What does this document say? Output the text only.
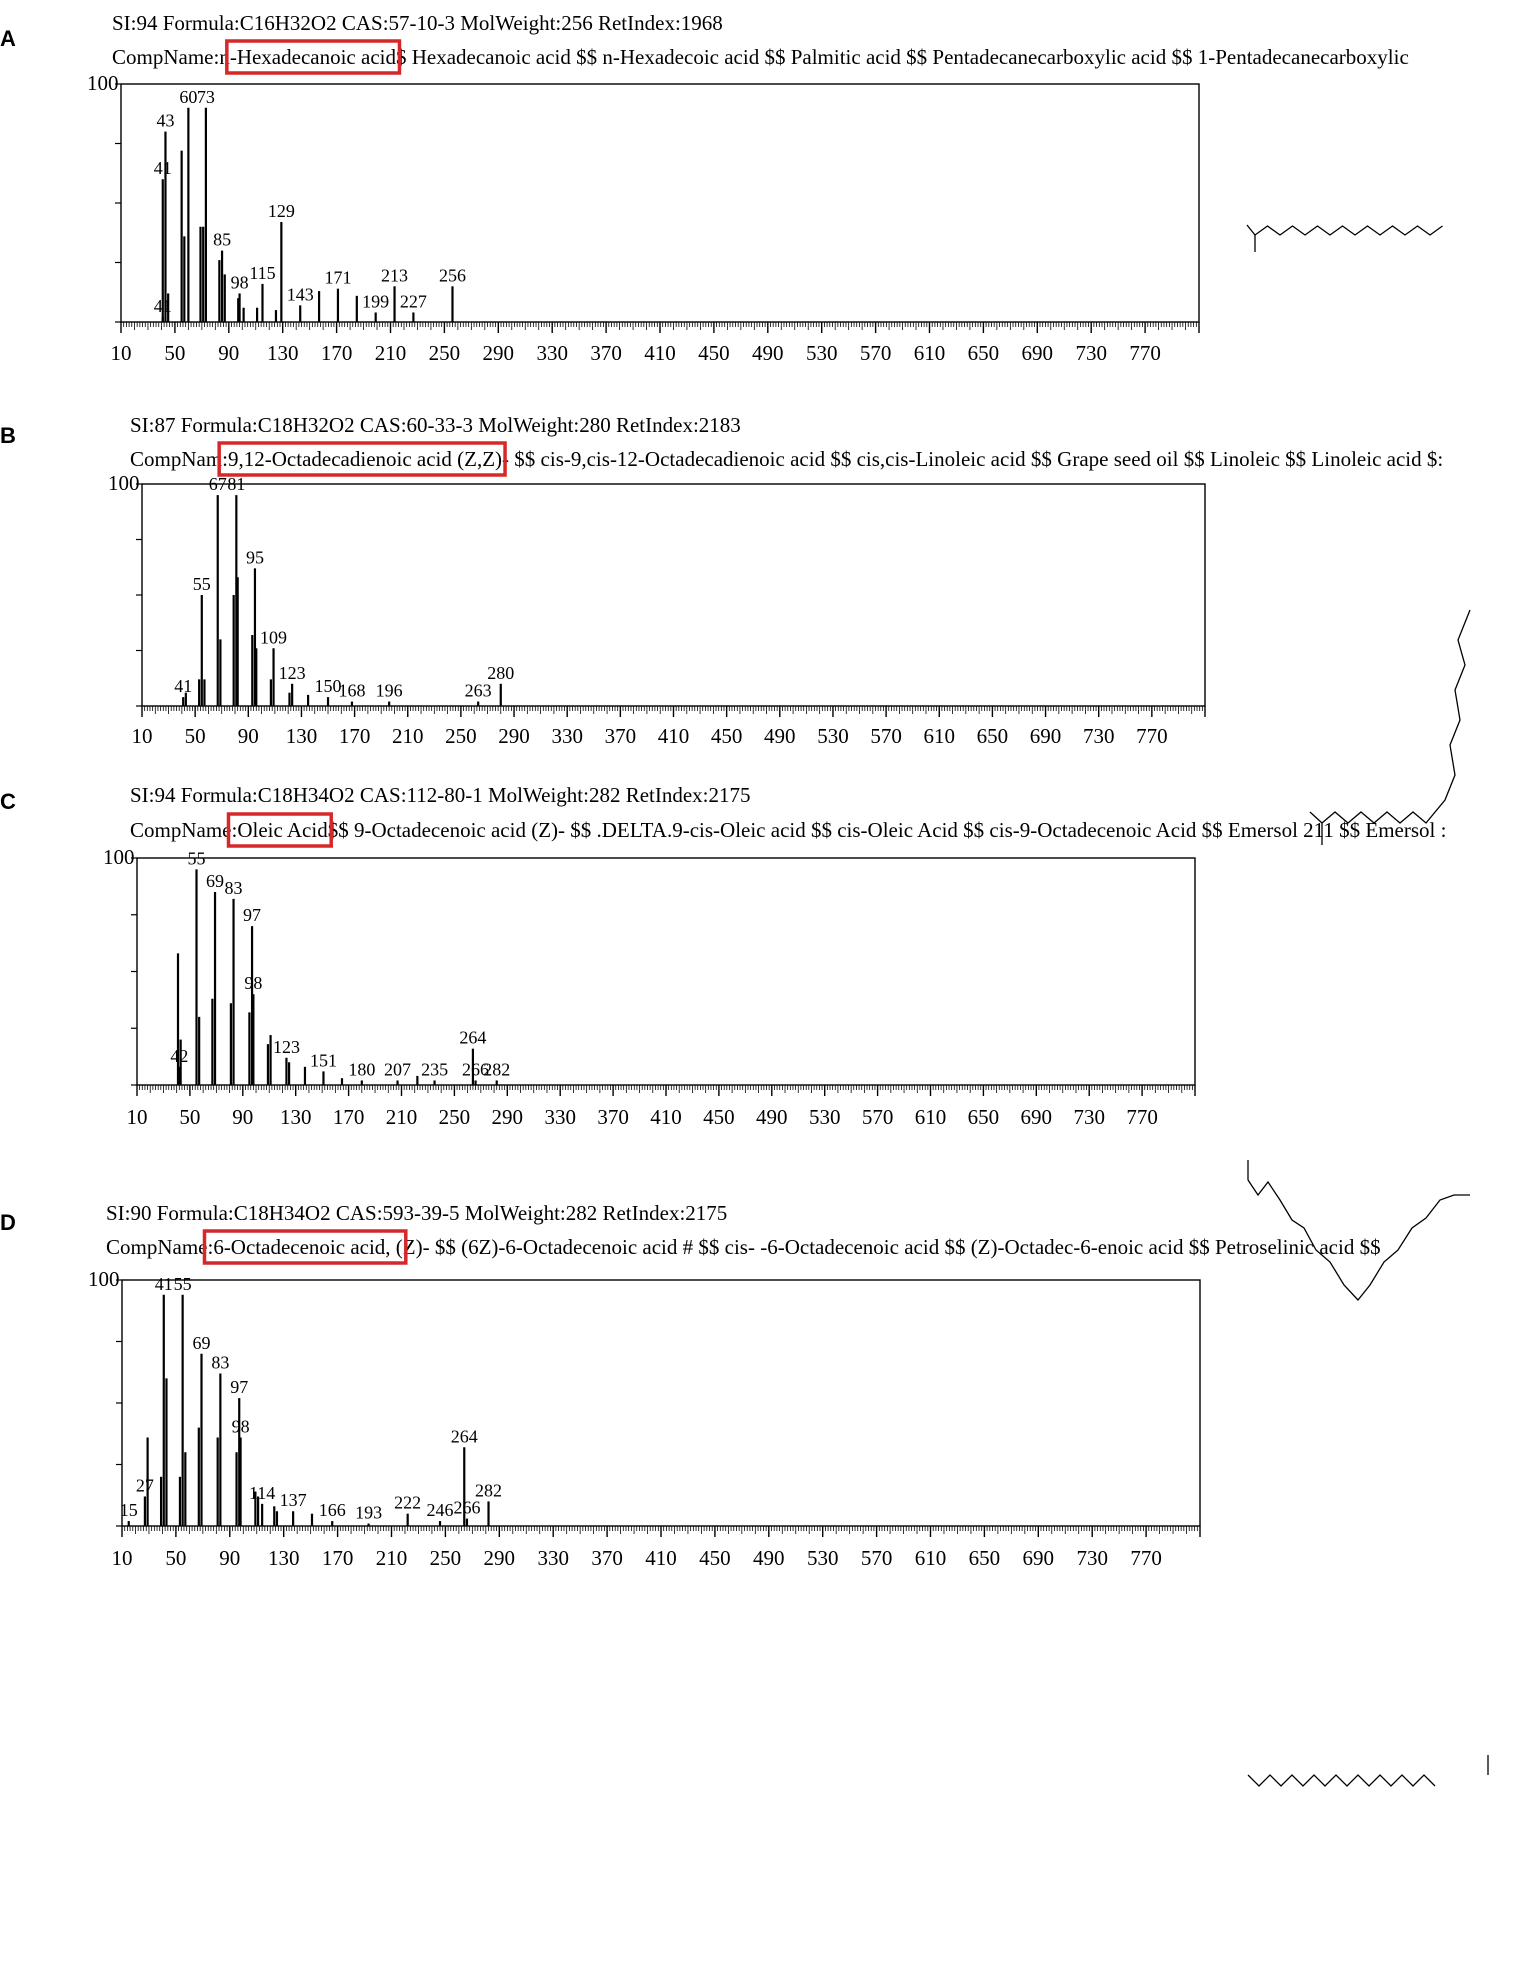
A
SI:94 Formula:C16H32O2 CAS:57-10-3 MolWeight:256 RetIndex:1968
CompName:n-Hexadecanoic acid$ Hexadecanoic acid $$ n-Hexadecoic acid $$ Palmitic acid $$ Pentadecanecarboxylic acid $$ 1-Pentadecanecarboxylic
B	SI:87 Formula:C18H32O2 CAS:60-33-3 MolWeight:280 RetIndex:2183
CompNam:9,12-Octadecadienoic acid (Z,Z)- $$ cis-9,cis-12-Octadecadienoic acid $$ cis,cis-Linoleic acid $$ Grape seed oil $$ Linoleic $$ Linoleic acid $:
C	SI:94 Formula:C18H34O2 CAS:112-80-1 MolWeight:282 RetIndex:2175
CompName:Oleic Acid$$ 9-Octadecenoic acid (Z)- $$ .DELTA.9-cis-Oleic acid $$ cis-Oleic Acid $$ cis-9-Octadecenoic Acid $$ Emersol 211 $$ Emersol :
D	SI:90 Formula:C18H34O2 CAS:593-39-5 MolWeight:282 RetIndex:2175
CompName:6-Octadecenoic acid, (Z)- $$ (6Z)-6-Octadecenoic acid # $$ cis- -6-Octadecenoic acid $$ (Z)-Octadec-6-enoic acid $$ Petroselinic acid $$
100
10 50 90 130 170 210 250 290 330 370 410 450 490 530 570 610 650 690 730 770
41
41
43
60 73
85
98 115
129
143
171
199
213
227
256
100
10 50 90 130 170 210 250 290 330 370 410 450 490 530 570 610 650 690 730 770
41
55
67 81
95
109
123
150
168 196	263
280
100
10 50 90 130 170 210 250 290 330 370 410 450 490 530 570 610 650 690 730 770
42
55
69 83
97
98
123
151 180 207 235
264
266
282
100
10 50 90 130 170 210 250 290 330 370 410 450 490 530 570 610 650 690 730 770
15
27
41 55
69
83
97
98
114 137 166 193 222 246
264
266
282
